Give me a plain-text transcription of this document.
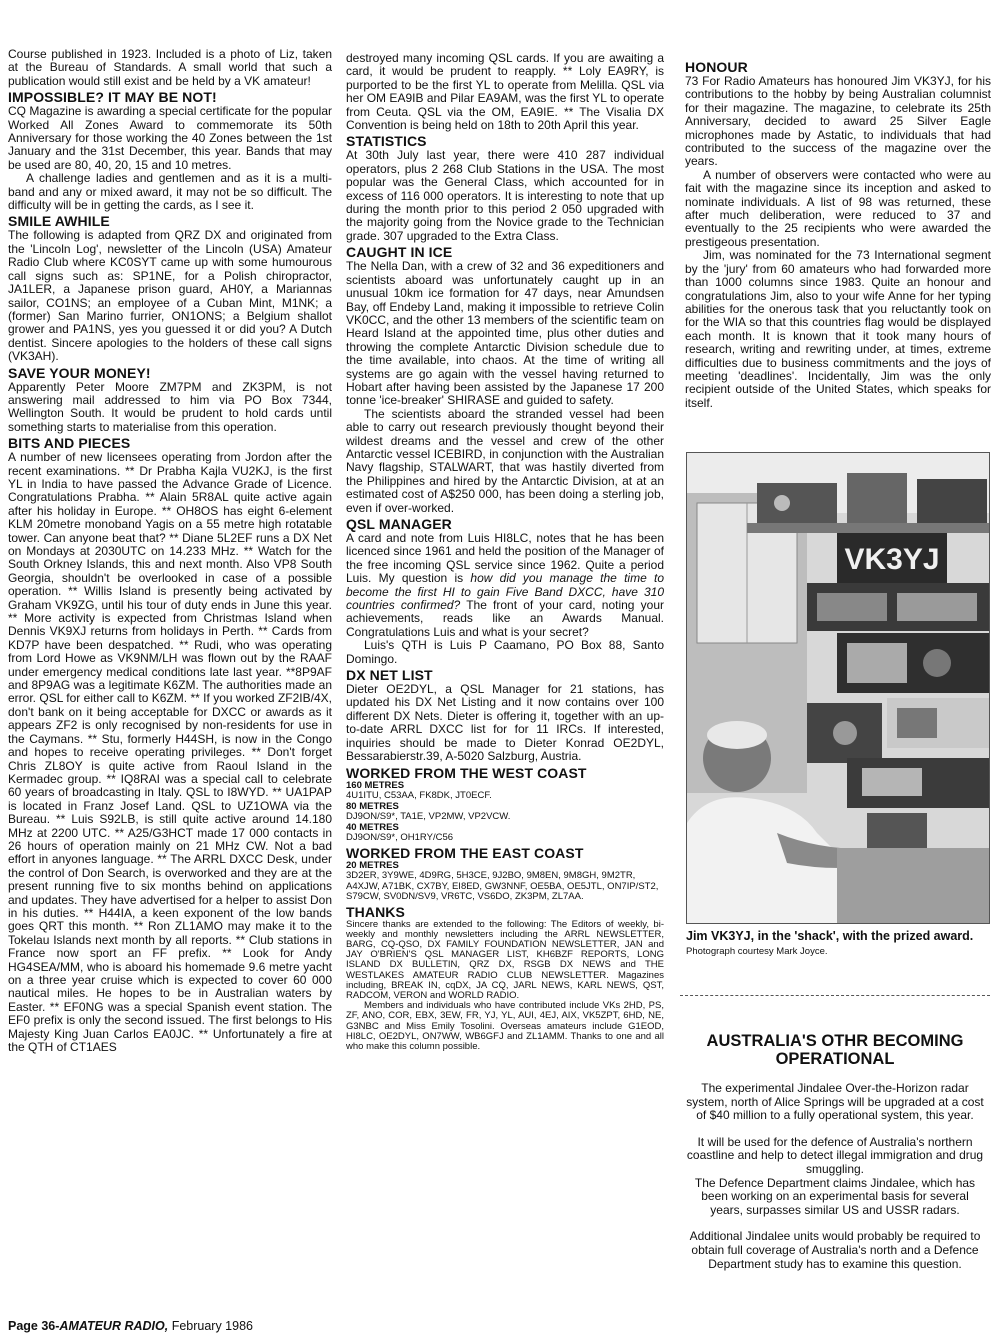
Course published in 1923. Included is a photo of Liz, taken at the Bureau of Standards. A small world that such a publication would still exist and be held by a VK amateur!

IMPOSSIBLE? IT MAY BE NOT!

CQ Magazine is awarding a special certificate for the popular Worked All Zones Award to commemorate its 50th Anniversary for those working the 40 Zones between the 1st January and the 31st December, this year. Bands that may be used are 80, 40, 20, 15 and 10 metres.

A challenge ladies and gentlemen and as it is a multi-band and any or mixed award, it may not be so difficult. The difficulty will be in getting the cards, as I see it.

SMILE AWHILE

The following is adapted from QRZ DX and originated from the 'Lincoln Log', newsletter of the Lincoln (USA) Amateur Radio Club where KC0SYT came up with some humourous call signs such as: SP1NE, for a Polish chiropractor, JA1LER, a Japanese prison guard, AH0Y, a Mariannas sailor, CO1NS; an employee of a Cuban Mint, M1NK; a (former) San Marino furrier, ON1ONS; a Belgium shallot grower and PA1NS, yes you guessed it or did you? A Dutch dentist. Sincere apologies to the holders of these call signs (VK3AH).

SAVE YOUR MONEY!

Apparently Peter Moore ZM7PM and ZK3PM, is not answering mail addressed to him via PO Box 7344, Wellington South. It would be prudent to hold cards until something starts to materialise from this operation.

BITS AND PIECES

A number of new licensees operating from Jordon after the recent examinations. ** Dr Prabha Kajla VU2KJ, is the first YL in India to have passed the Advance Grade of Licence. Congratulations Prabha. ** Alain 5R8AL quite active again after his holiday in Europe. ** OH8OS has eight 6-element KLM 20metre monoband Yagis on a 55 metre high rotatable tower. Can anyone beat that? ** Diane 5L2EF runs a DX Net on Mondays at 2030UTC on 14.233 MHz. ** Watch for the South Orkney Islands, this and next month. Also VP8 South Georgia, shouldn't be overlooked in case of a possible operation. ** Willis Island is presently being activated by Graham VK9ZG, until his tour of duty ends in June this year. ** More activity is expected from Christmas Island when Dennis VK9XJ returns from holidays in Perth. ** Cards from KD7P have been despatched. ** Rudi, who was operating from Lord Howe as VK9NM/LH was flown out by the RAAF under emergency medical conditions late last year. **8P9AF and 8P9AG was a legitimate K6ZM. The authorities made an error. QSL for either call to K6ZM. ** If you worked ZF2IB/4X, don't bank on it being acceptable for DXCC or awards as it appears ZF2 is only recognised by non-residents for use in the Caymans. ** Stu, formerly H44SH, is now in the Congo and hopes to receive operating privileges. ** Don't forget Chris ZL8OY is quite active from Raoul Island in the Kermadec group. ** IQ8RAI was a special call to celebrate 60 years of broadcasting in Italy. QSL to I8WYD. ** UA1PAP is located in Franz Josef Land. QSL to UZ1OWA via the Bureau. ** Luis S92LB, is still quite active around 14.180 MHz at 2200 UTC. ** A25/G3HCT made 17 000 contacts in 26 hours of operation mainly on 21 MHz CW. Not a bad effort in anyones language. ** The ARRL DXCC Desk, under the control of Don Search, is overworked and they are at the present running five to six months behind on applications and updates. They have advertised for a helper to assist Don in his duties. ** H44IA, a keen exponent of the low bands goes QRT this month. ** Ron ZL1AMO may make it to the Tokelau Islands next month by all reports. ** Club stations in France now sport an FF prefix. ** Look for Andy HG4SEA/MM, who is aboard his homemade 9.6 metre yacht on a three year cruise which is expected to cover 60 000 nautical miles. He hopes to be in Australian waters by Easter. ** EF0NG was a special Spanish event station. The EF0 prefix is only the second issued. The first belongs to His Majesty King Juan Carlos EA0JC. ** Unfortunately a fire at the QTH of CT1AES

destroyed many incoming QSL cards. If you are awaiting a card, it would be prudent to reapply. ** Loly EA9RY, is purported to be the first YL to operate from Melilla. QSL via her OM EA9IB and Pilar EA9AM, was the first YL to operate from Ceuta. QSL via the OM, EA9IE. ** The Visalia DX Convention is being held on 18th to 20th April this year.

STATISTICS

At 30th July last year, there were 410 287 individual operators, plus 2 268 Club Stations in the USA. The most popular was the General Class, which accounted for in excess of 116 000 operators. It is interesting to note that up during the month prior to this period 2 050 upgraded with the majority going from the Novice grade to the Technician grade. 307 upgraded to the Extra Class.

CAUGHT IN ICE

The Nella Dan, with a crew of 32 and 36 expeditioners and scientists aboard was unfortunately caught up in an unusual 10km ice formation for 47 days, near Amundsen Bay, off Endeby Land, making it impossible to retrieve Colin VK0CC, and the other 13 members of the scientific team on Heard Island at the appointed time, plus other duties and throwing the complete Antarctic Division schedule due to the time available, into chaos. At the time of writing all systems are go again with the vessel having returned to Hobart after having been assisted by the Japanese 17 200 tonne 'ice-breaker' SHIRASE and guided to safety.

The scientists aboard the stranded vessel had been able to carry out research previously thought beyond their wildest dreams and the vessel and crew of the other Antarctic vessel ICEBIRD, in conjunction with the Australian Navy flagship, STALWART, that was hastily diverted from the Philippines and hired by the Antarctic Division, at at an estimated cost of A$250 000, has been doing a sterling job, even if over-worked.

QSL MANAGER

A card and note from Luis HI8LC, notes that he has been licenced since 1961 and held the position of the Manager of the free incoming QSL service since 1962. Quite a period Luis. My question is how did you manage the time to become the first HI to gain Five Band DXCC, have 310 countries confirmed? The front of your card, noting your achievements, reads like an Awards Manual. Congratulations Luis and what is your secret?

Luis's QTH is Luis P Caamano, PO Box 88, Santo Domingo.

DX NET LIST

Dieter OE2DYL, a QSL Manager for 21 stations, has updated his DX Net Listing and it now contains over 100 different DX Nets. Dieter is offering it, together with an up-to-date ARRL DXCC list for for 11 IRCs. If interested, inquiries should be made to Dieter Konrad OE2DYL, Bessarabierstr.39, A-5020 Salzburg, Austria.

WORKED FROM THE WEST COAST

160 METRES

4U1ITU, C53AA, FK8DK, JT0ECF.

80 METRES

DJ9ON/S9*, TA1E, VP2MW, VP2VCW.

40 METRES

DJ9ON/S9*, OH1RY/C56

WORKED FROM THE EAST COAST

20 METRES

3D2ER, 3Y9WE, 4D9RG, 5H3CE, 9J2BO, 9M8EN, 9M8GH, 9M2TR, A4XJW, A71BK, CX7BY, EI8ED, GW3NNF, OE5BA, OE5JTL, ON7IP/ST2, S79CW, SV0DN/SV9, VR6TC, VS6DO, ZK3PM, ZL7AA.

THANKS

Sincere thanks are extended to the following: The Editors of weekly, bi-weekly and monthly newsletters including the ARRL NEWSLETTER, BARG, CQ-QSO, DX FAMILY FOUNDATION NEWSLETTER, JAN and JAY O'BRIEN'S QSL MANAGER LIST, KH6BZF REPORTS, LONG ISLAND DX BULLETIN, QRZ DX, RSGB DX NEWS and THE WESTLAKES AMATEUR RADIO CLUB NEWSLETTER. Magazines including, BREAK IN, cqDX, JA CQ, JARL NEWS, KARL NEWS, QST, RADCOM, VERON and WORLD RADIO.

Members and individuals who have contributed include VKs 2HD, PS, ZF, ANO, COR, EBX, 3EW, FR, YJ, YL, AUI, 4EJ, AIX, VK5ZPT, 6HD, NE, G3NBC and Miss Emily Tosolini. Overseas amateurs include G1EOD, HI8LC, OE2DYL, ON7WW, WB6GFJ and ZL1AMM. Thanks to one and all who make this column possible.

HONOUR

73 For Radio Amateurs has honoured Jim VK3YJ, for his contributions to the hobby by being Australian columnist for their magazine. The magazine, to celebrate its 25th Anniversary, decided to award 25 Silver Eagle microphones made by Astatic, to individuals that had contributed to the success of the magazine over the years.

A number of observers were contacted who were au fait with the magazine since its inception and asked to nominate individuals. A list of 98 was returned, these after much deliberation, were reduced to 37 and eventually to the 25 recipients who were awarded the prestigeous presentation.

Jim, was nominated for the 73 International segment by the 'jury' from 60 amateurs who had forwarded more than 1000 columns since 1983. Quite an honour and congratulations Jim, also to your wife Anne for her typing abilities for the onerous task that you reluctantly took on for the WIA so that this countries flag would be displayed each month. It is known that it took many hours of research, writing and rewriting under, at times, extreme difficulties due to business commitments and the joys of meeting 'deadlines'. Incidentally, Jim was the only recipient outside of the United States, which speaks for itself.

VK3YJ

Jim VK3YJ, in the 'shack', with the prized award.

Photograph courtesy Mark Joyce.

AUSTRALIA'S OTHR BECOMING OPERATIONAL

The experimental Jindalee Over-the-Horizon radar system, north of Alice Springs will be upgraded at a cost of $40 million to a fully operational system, this year.

It will be used for the defence of Australia's northern coastline and help to detect illegal immigration and drug smuggling.

The Defence Department claims Jindalee, which has been working on an experimental basis for several years, surpasses similar US and USSR radars.

Additional Jindalee units would probably be required to obtain full coverage of Australia's north and a Defence Department study has to examine this question.

Page 36-AMATEUR RADIO, February 1986
